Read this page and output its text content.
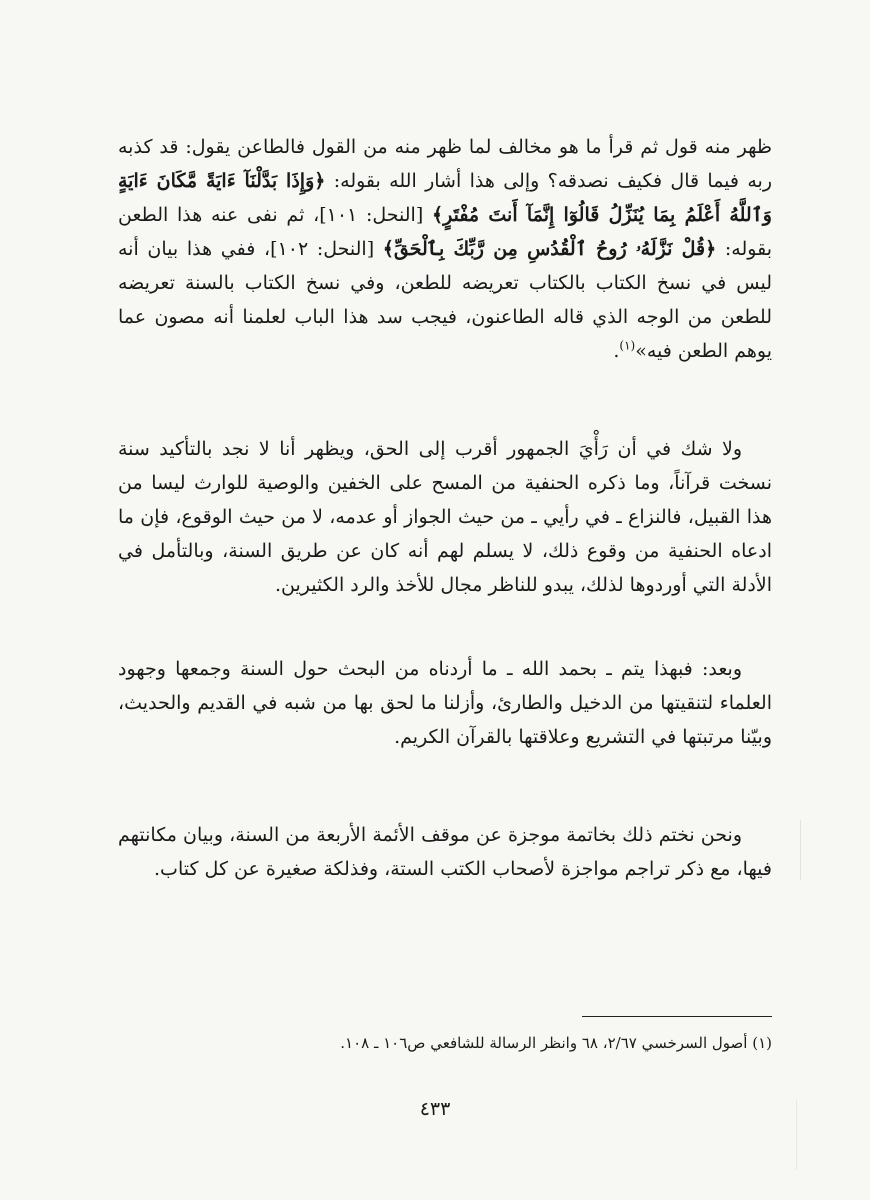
ظهر منه قول ثم قرأ ما هو مخالف لما ظهر منه من القول فالطاعن يقول: قد كذبه ربه فيما قال فكيف نصدقه؟ وإلى هذا أشار الله بقوله: ﴿وَإِذَا بَدَّلْنَآ ءَايَةً مَّكَانَ ءَايَةٍ وَٱللَّهُ أَعْلَمُ بِمَا يُنَزِّلُ قَالُوٓا إِنَّمَآ أَنتَ مُفْتَرٍ﴾ [النحل: ١٠١]، ثم نفى عنه هذا الطعن بقوله: ﴿قُلْ نَزَّلَهُۥ رُوحُ ٱلْقُدُسِ مِن رَّبِّكَ بِٱلْحَقِّ﴾ [النحل: ١٠٢]، ففي هذا بيان أنه ليس في نسخ الكتاب بالكتاب تعريضه للطعن، وفي نسخ الكتاب بالسنة تعريضه للطعن من الوجه الذي قاله الطاعنون، فيجب سد هذا الباب لعلمنا أنه مصون عما يوهم الطعن فيه»$^{(١)}$.

ولا شك في أن رَأْيَ الجمهور أقرب إلى الحق، ويظهر أنا لا نجد بالتأكيد سنة نسخت قرآناً، وما ذكره الحنفية من المسح على الخفين والوصية للوارث ليسا من هذا القبيل، فالنزاع ـ في رأيي ـ من حيث الجواز أو عدمه، لا من حيث الوقوع، فإن ما ادعاه الحنفية من وقوع ذلك، لا يسلم لهم أنه كان عن طريق السنة، وبالتأمل في الأدلة التي أوردوها لذلك، يبدو للناظر مجال للأخذ والرد الكثيرين.

وبعد: فبهذا يتم ـ بحمد الله ـ ما أردناه من البحث حول السنة وجمعها وجهود العلماء لتنقيتها من الدخيل والطارئ، وأزلنا ما لحق بها من شبه في القديم والحديث، وبيّنا مرتبتها في التشريع وعلاقتها بالقرآن الكريم.

ونحن نختم ذلك بخاتمة موجزة عن موقف الأئمة الأربعة من السنة، وبيان مكانتهم فيها، مع ذكر تراجم مواجزة لأصحاب الكتب الستة، وفذلكة صغيرة عن كل كتاب.

(١) أصول السرخسي ٢/٦٧، ٦٨ وانظر الرسالة للشافعي ص١٠٦ ـ ١٠٨.
٤٣٣
